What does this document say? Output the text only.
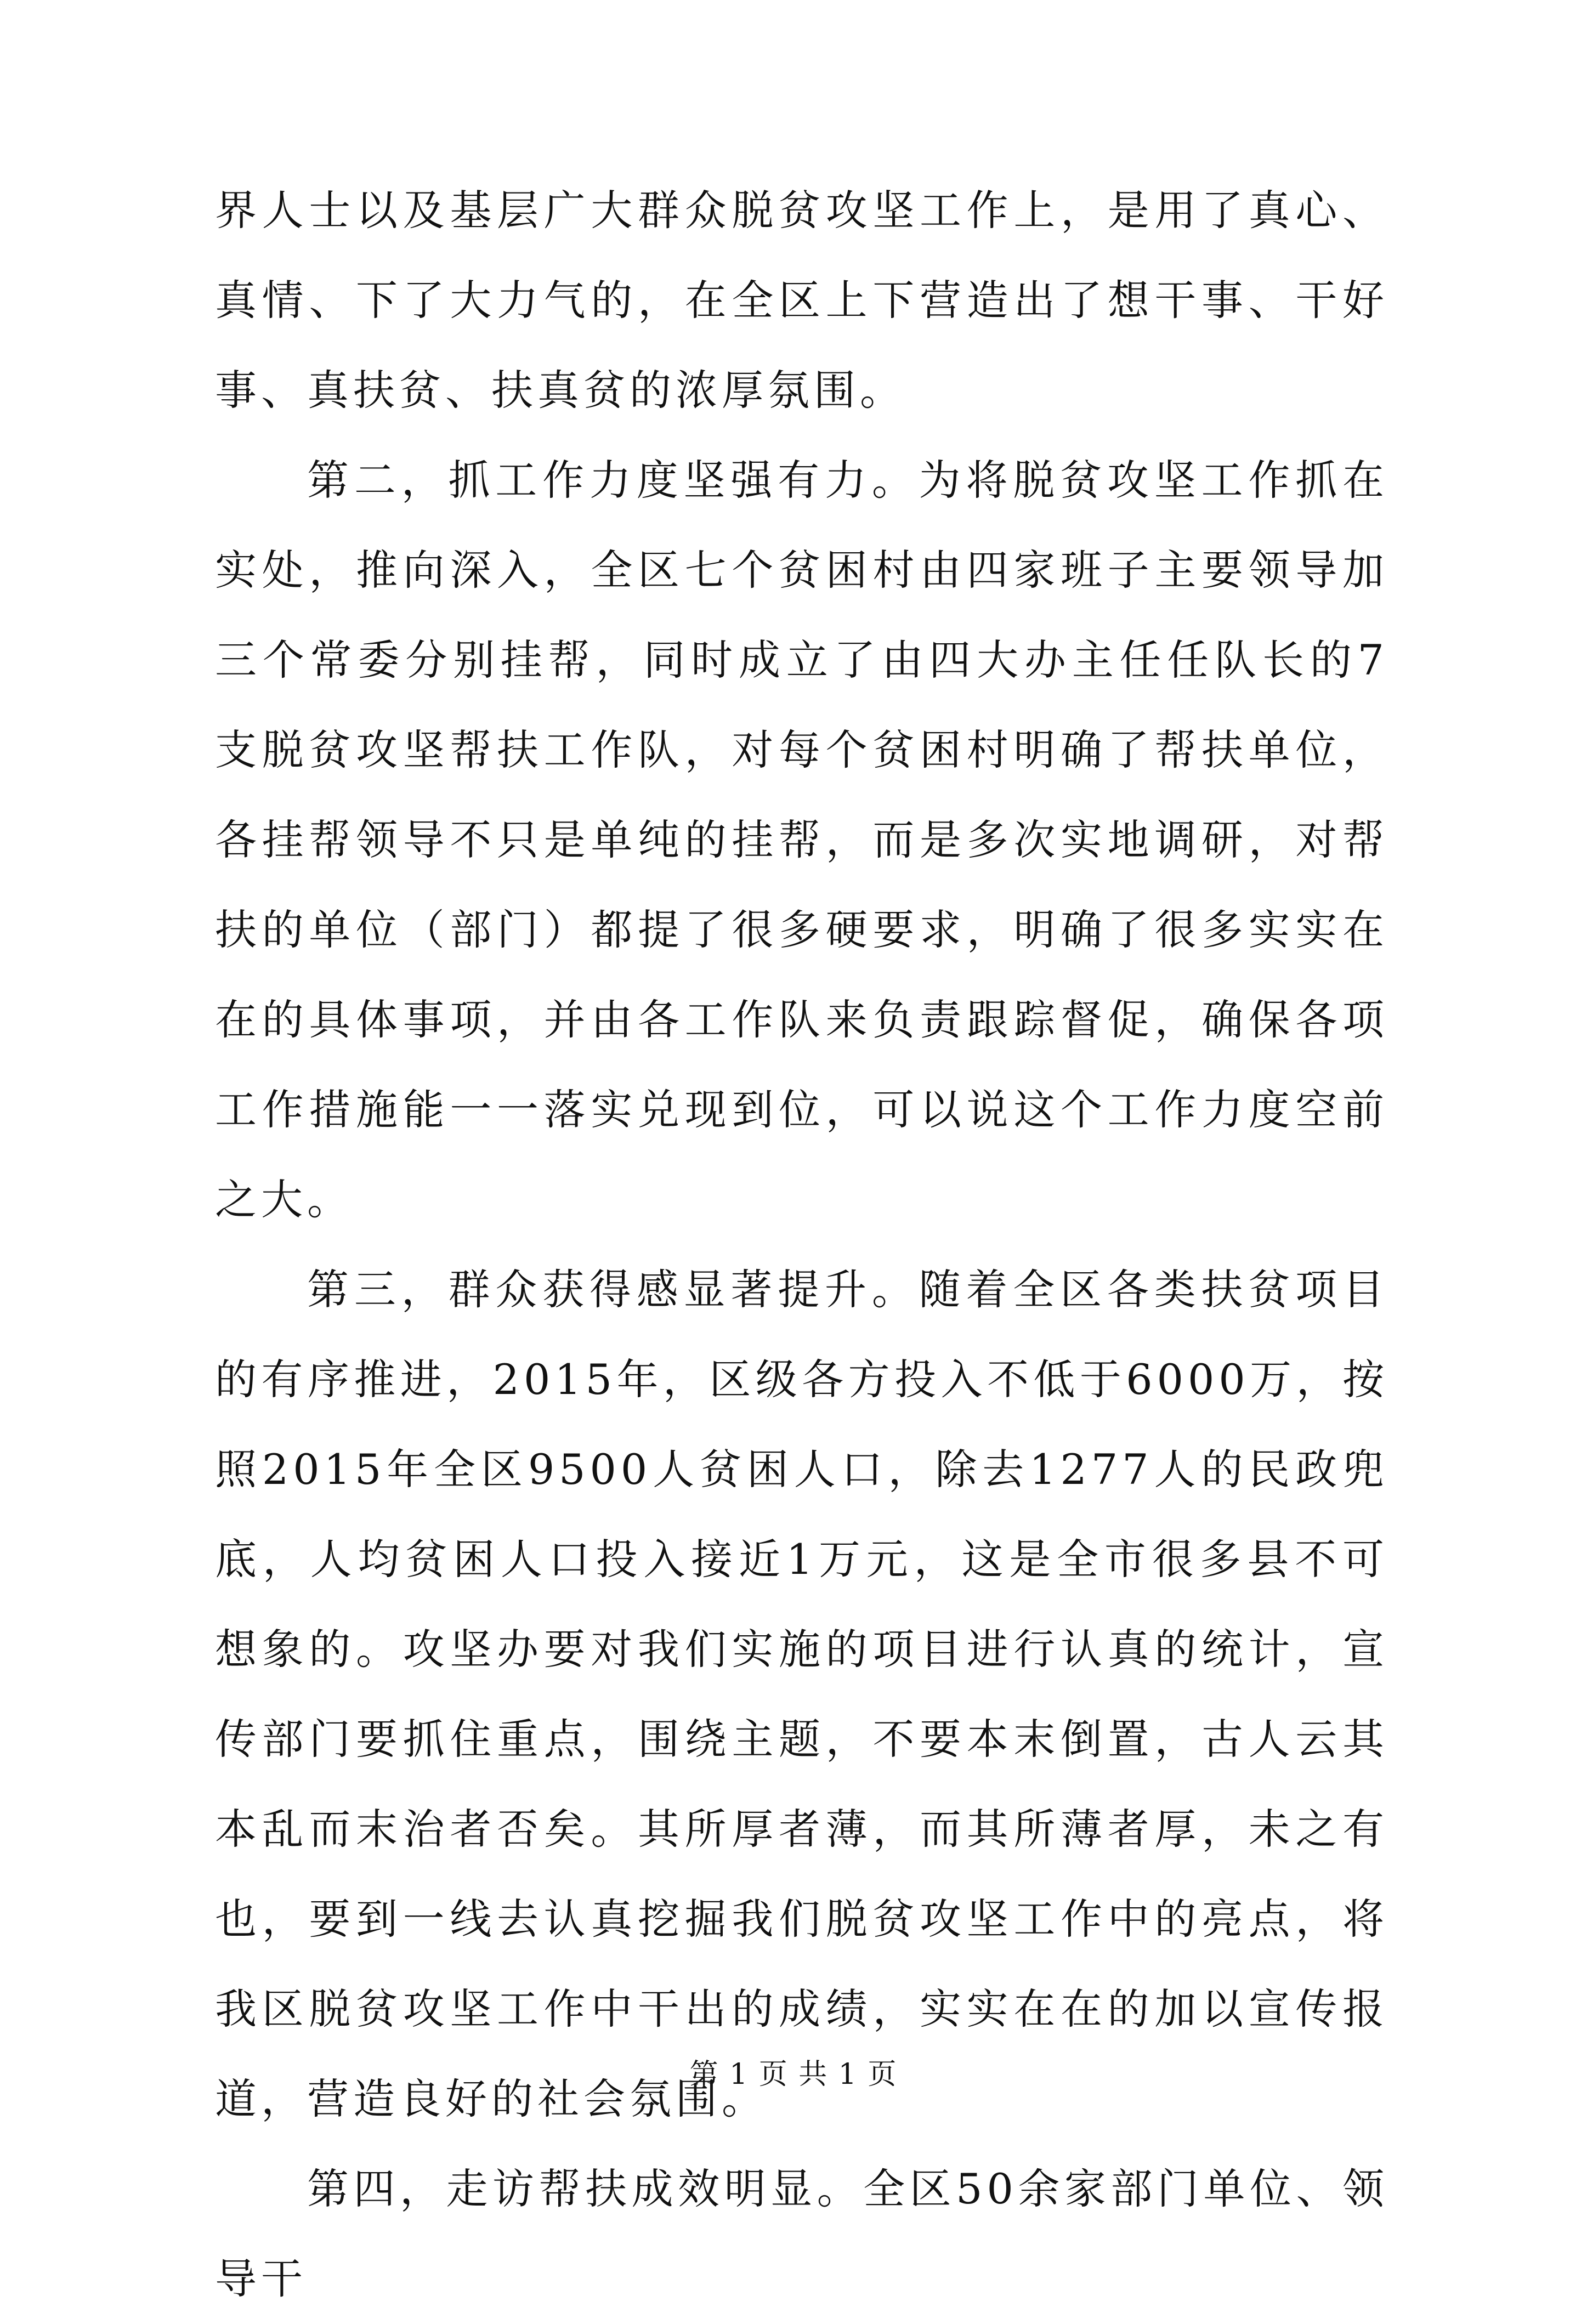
界人士以及基层广大群众脱贫攻坚工作上，是用了真心、真情、下了大力气的，在全区上下营造出了想干事、干好事、真扶贫、扶真贫的浓厚氛围。

第二，抓工作力度坚强有力。为将脱贫攻坚工作抓在实处，推向深入，全区七个贫困村由四家班子主要领导加三个常委分别挂帮，同时成立了由四大办主任任队长的7支脱贫攻坚帮扶工作队，对每个贫困村明确了帮扶单位，各挂帮领导不只是单纯的挂帮，而是多次实地调研，对帮扶的单位（部门）都提了很多硬要求，明确了很多实实在在的具体事项，并由各工作队来负责跟踪督促，确保各项工作措施能一一落实兑现到位，可以说这个工作力度空前之大。

第三，群众获得感显著提升。随着全区各类扶贫项目的有序推进，2015年，区级各方投入不低于6000万，按照2015年全区9500人贫困人口，除去1277人的民政兜底，人均贫困人口投入接近1万元，这是全市很多县不可想象的。攻坚办要对我们实施的项目进行认真的统计，宣传部门要抓住重点，围绕主题，不要本末倒置，古人云其本乱而末治者否矣。其所厚者薄，而其所薄者厚，未之有也，要到一线去认真挖掘我们脱贫攻坚工作中的亮点，将我区脱贫攻坚工作中干出的成绩，实实在在的加以宣传报道，营造良好的社会氛围。

第四，走访帮扶成效明显。全区50余家部门单位、领导干

第 1 页 共 1 页
